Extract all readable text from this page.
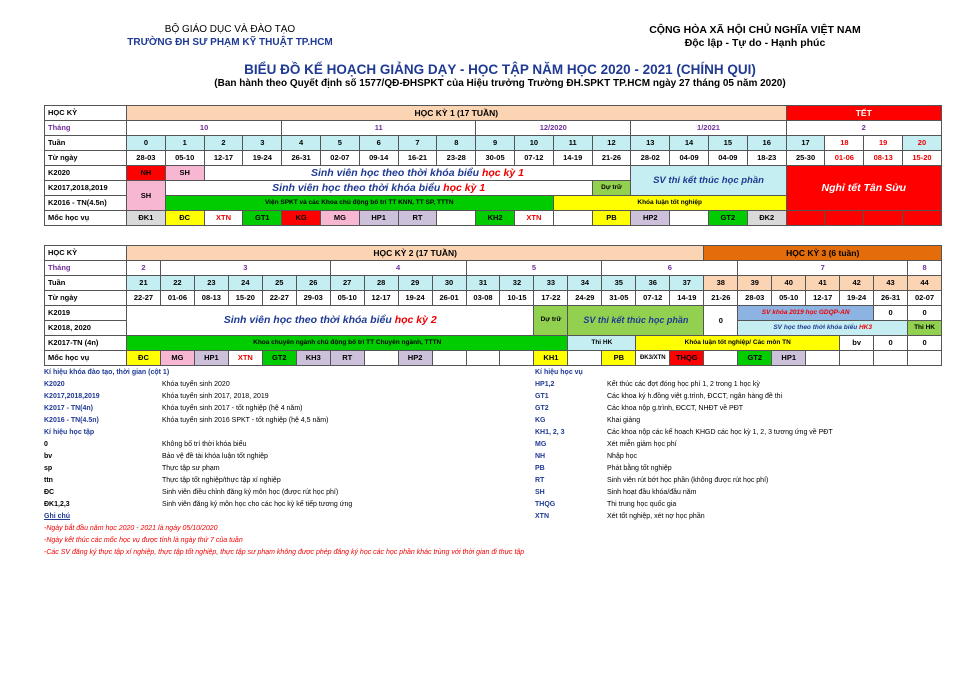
BỘ GIÁO DỤC VÀ ĐÀO TẠO
TRƯỜNG ĐH SƯ PHẠM KỸ THUẬT TP.HCM
CỘNG HÒA XÃ HỘI CHỦ NGHĨA VIỆT NAM
Độc lập - Tự do - Hạnh phúc
BIỂU ĐỒ KẾ HOẠCH GIẢNG DẠY - HỌC TẬP NĂM HỌC 2020 - 2021 (CHÍNH QUI)
(Ban hành theo Quyết định số 1577/QĐ-ĐHSPKT của Hiệu trưởng Trường ĐH.SPKT TP.HCM ngày 27 tháng 05 năm 2020)
HỌC KỲ	HỌC KỲ 1 (17 TUẦN)																	TẾT				
Tháng	10				11					12/2020				1/2021				2				
Tuần	0	1	2	3	4	5	6	7	8	9	10	11	12	13	14	15	16	17	18	19	20	
Từ ngày	28-03	05-10	12-17	19-24	26-31	02-07	09-14	16-21	23-28	30-05	07-12	14-19	21-26	28-02	04-09	04-09	18-23	25-30	01-06	08-13	15-20	
K2020	NH	SH	Sinh viên học theo thời khóa biểu học kỳ 1											SV thi kết thúc học phần				Nghỉ tết Tân Sửu				
K2017,2018,2019	SH	Sinh viên học theo thời khóa biểu học kỳ 1											Dự trữ									
K2016 - TN(4.5n)		Viện SPKT và các Khoa chủ động bố trí TT KNN, TT SP, TTTN										Khóa luận tốt nghiệp	
Mốc học vụ	ĐK1	ĐC	XTN	GT1	KG	MG	HP1	RT		KH2	XTN		PB	HP2		GT2	ĐK2					
HỌC KỲ	HỌC KỲ 2 (17 TUẦN)																	HỌC KỲ 3 (6 tuần)						
Tháng	2	3					4				5				6				7					8
Tuần	21	22	23	24	25	26	27	28	29	30	31	32	33	34	35	36	37	38	39	40	41	42	43	44
Từ ngày	22-27	01-06	08-13	15-20	22-27	29-03	05-10	12-17	19-24	26-01	03-08	10-15	17-22	24-29	31-05	07-12	14-19	21-26	28-03	05-10	12-17	19-24	26-31	02-07
K2019	Sinh viên học theo thời khóa biểu học kỳ 2												Dự trữ	SV thi kết thúc học phần				0	SV khóa 2019 học GDQP-AN				0	0
K2018, 2020																			SV học theo thời khóa biểu HK3					Thi HK
K2017-TN (4n)	Khoa chuyên ngành chủ động bố trí TT Chuyên ngành, TTTN													Thi HK		Khóa luận tốt nghiệp/ Các môn TN						bv	0	0
Mốc học vụ	ĐC	MG	HP1	XTN	GT2	KH3	RT		HP2				KH1		PB	ĐK3/XTN	THQG		GT2	HP1				
Kí hiệu khóa đào tạo, thời gian (cột 1)
K2020	Khóa tuyển sinh 2020
K2017,2018,2019	Khóa tuyển sinh 2017, 2018, 2019
K2017 - TN(4n)	Khóa tuyển sinh 2017 - tốt nghiệp (hệ 4 năm)
K2016 - TN(4.5n)	Khóa tuyển sinh 2016 SPKT - tốt nghiệp (hệ 4,5 năm)
Kí hiệu học tập
0	Không bố trí thời khóa biểu
bv	Bảo vệ đề tài khóa luận tốt nghiệp
sp	Thực tập sư phạm
ttn	Thực tập tốt nghiệp/thực tập xí nghiệp
ĐC	Sinh viên điều chỉnh đăng ký môn học (được rút học phí)
ĐK1,2,3	Sinh viên đăng ký môn học cho các học kỳ kế tiếp tương ứng
Ghi chú
-Ngày bắt đầu năm học 2020 - 2021 là ngày 05/10/2020
-Ngày kết thúc các mốc học vụ được tính là ngày thứ 7 của tuần
-Các SV đăng ký thực tập xí nghiệp, thực tập tốt nghiệp, thực tập sư phạm không được phép đăng ký học các học phần khác trùng với thời gian đi thực tập
Kí hiệu học vụ
HP1,2	Kết thúc các đợt đóng học phí 1, 2 trong 1 học kỳ
GT1	Các khoa ký h.đồng việt g.trình, ĐCCT, ngân hàng đề thi
GT2	Các khoa nộp g.trình, ĐCCT, NHĐT về PĐT
KG	Khai giảng
KH1, 2, 3	Các khoa nộp các kế hoạch KHGD các học kỳ 1, 2, 3 tương ứng về PĐT
MG	Xét miễn giảm học phí
NH	Nhập học
PB	Phát bằng tốt nghiệp
RT	Sinh viên rút bớt học phần (không được rút học phí)
SH	Sinh hoạt đầu khóa/đầu năm
THQG	Thi trung học quốc gia
XTN	Xét tốt nghiệp, xét nợ học phần
